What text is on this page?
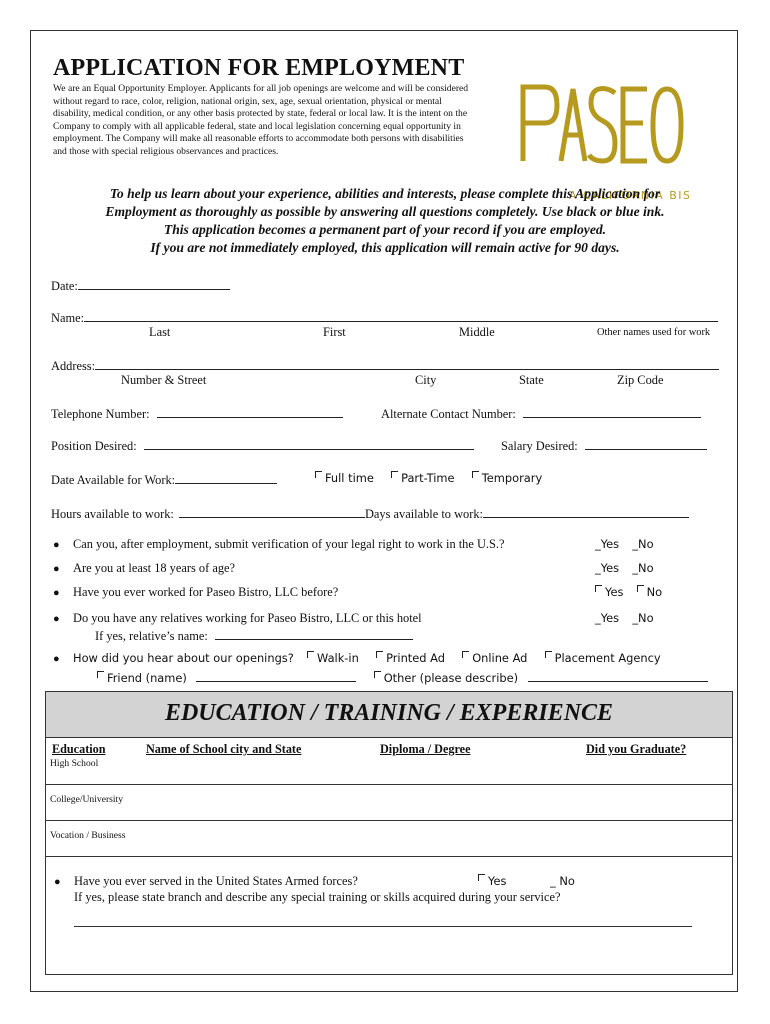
APPLICATION FOR EMPLOYMENT
We are an Equal Opportunity Employer. Applicants for all job openings are welcome and will be considered without regard to race, color, religion, national origin, sex, age, sexual orientation, physical or mental disability, medical condition, or any other basis protected by state, federal or local law. It is the intent on the Company to comply with all applicable federal, state and local legislation concerning equal opportunity in employment. The Company will make all reasonable efforts to accommodate both persons with disabilities and those with special religious observances and practices.
A CALIFORNIA BIS
To help us learn about your experience, abilities and interests, please complete this Application for
Employment as thoroughly as possible by answering all questions completely. Use black or blue ink.
This application becomes a permanent part of your record if you are employed.
If you are not immediately employed, this application will remain active for 90 days.
Date:
Name:
Last	First	Middle	Other names used for work
Address:
Number & Street	City	State	Zip Code
Telephone Number:	Alternate Contact Number:
Position Desired:	Salary Desired:
Date Available for Work:	Full time Part-Time Temporary
Hours available to work:	Days available to work:
● Can you, after employment, submit verification of your legal right to work in the U.S.?	_Yes _No
● Are you at least 18 years of age?	_Yes _No
● Have you ever worked for Paseo Bistro, LLC before?	Yes No
● Do you have any relatives working for Paseo Bistro, LLC or this hotel	_Yes _No
If yes, relative’s name:
● How did you hear about our openings? Walk-in Printed Ad Online Ad Placement Agency
Friend (name)	Other (please describe)
EDUCATION / TRAINING / EXPERIENCE
Education	Name of School city and State	Diploma / Degree	Did you Graduate?
High School
College/University
Vocation / Business
● Have you ever served in the United States Armed forces?	Yes	_ No
If yes, please state branch and describe any special training or skills acquired during your service?
